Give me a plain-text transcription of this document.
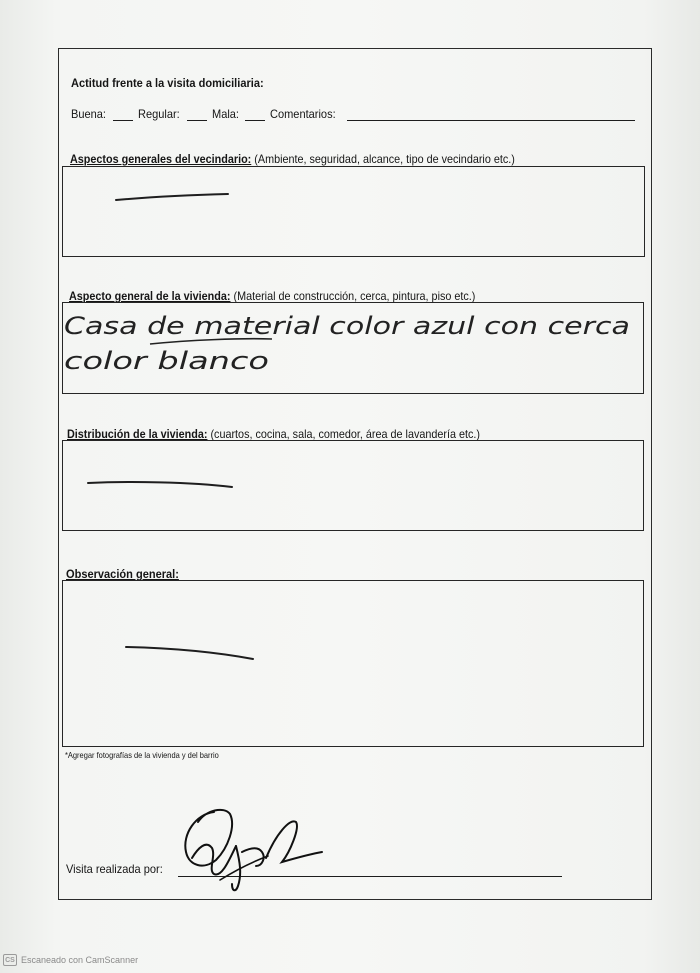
Actitud frente a la visita domiciliaria:
Buena:	Regular:	Mala:	Comentarios:
Aspectos generales del vecindario: (Ambiente, seguridad, alcance, tipo de vecindario etc.)
Aspecto general de la vivienda: (Material de construcción, cerca, pintura, piso etc.)
Casa de material color azul con cerca
color blanco
Distribución de la vivienda: (cuartos, cocina, sala, comedor, área de lavandería etc.)
Observación general:
*Agregar fotografías de la vivienda y del barrio
Visita realizada por:
CS Escaneado con CamScanner
